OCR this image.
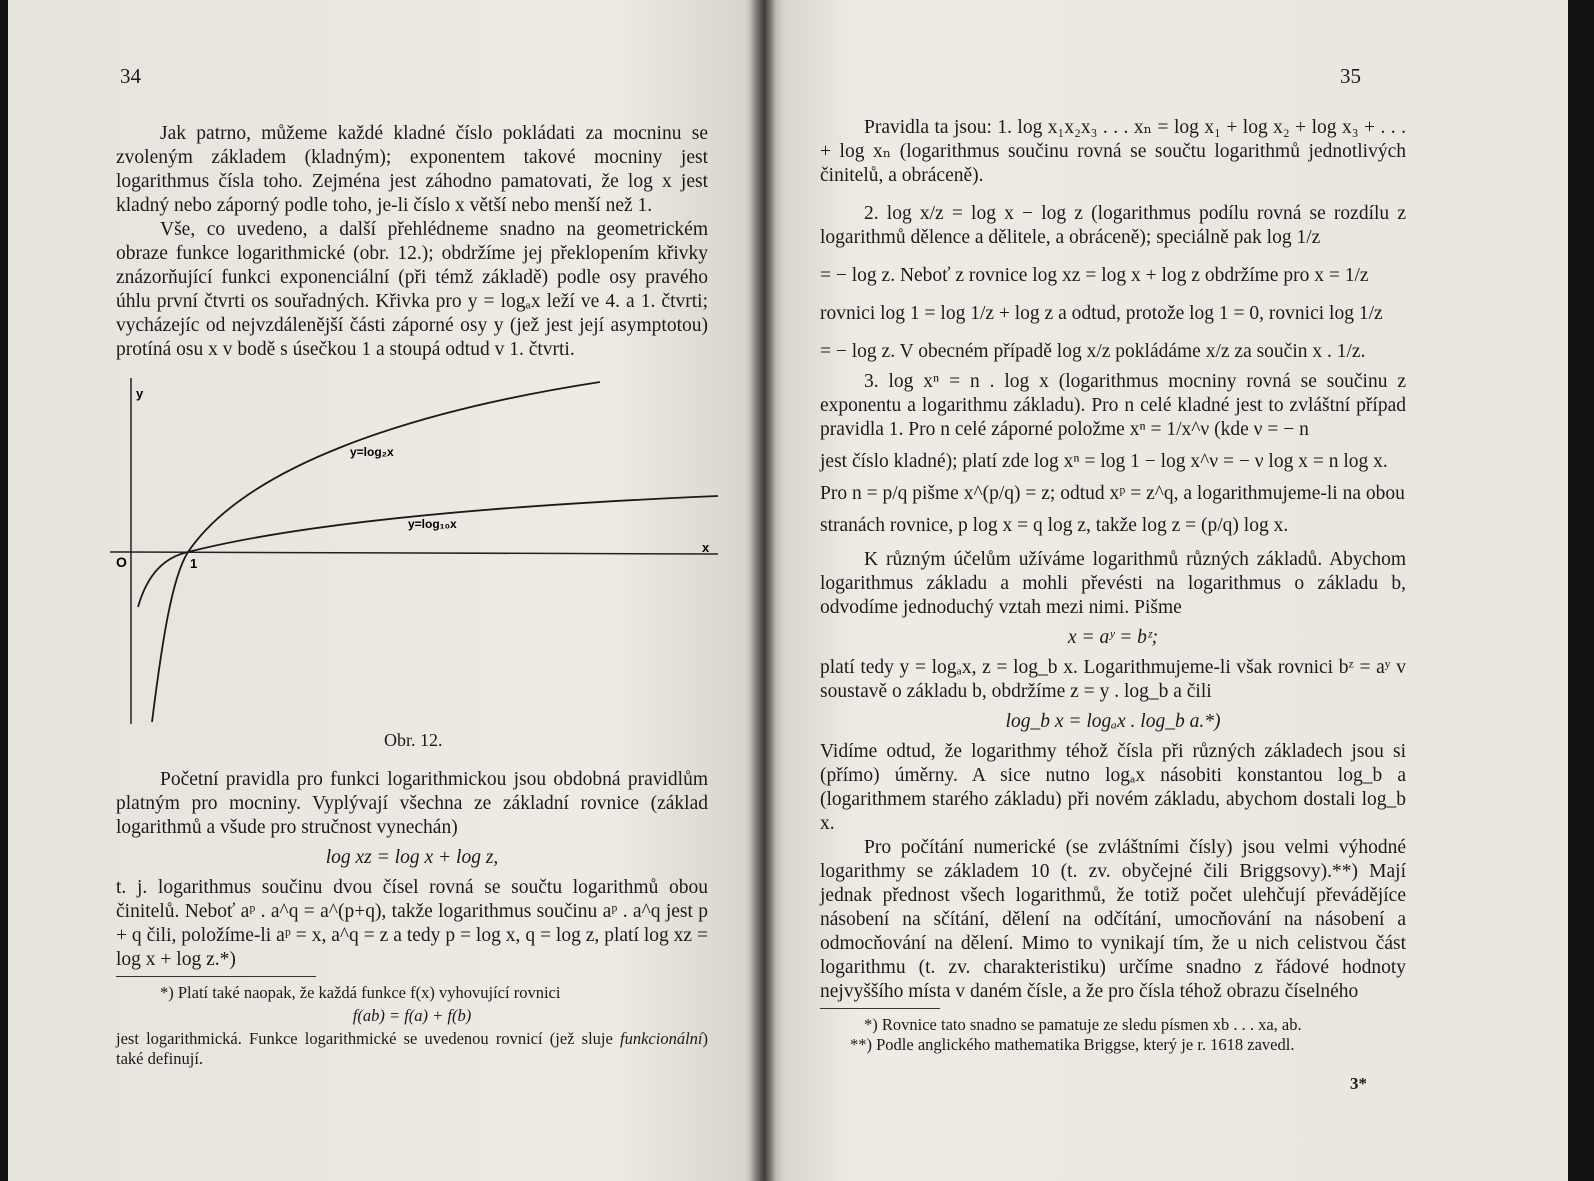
34

Jak patrno, můžeme každé kladné číslo pokládati za mocninu se zvoleným základem (kladným); exponentem takové mocniny jest logarithmus čísla toho. Zejména jest záhodno pamatovati, že log x jest kladný nebo záporný podle toho, je-li číslo x větší nebo menší než 1.

Vše, co uvedeno, a další přehlédneme snadno na geometrickém obraze funkce logarithmické (obr. 12.); obdržíme jej překlopením křivky znázorňující funkci exponenciální (při témž základě) podle osy pravého úhlu první čtvrti os souřadných. Křivka pro y = logₐx leží ve 4. a 1. čtvrti; vycházejíc od nejvzdálenější části záporné osy y (jež jest její asymptotou) protíná osu x v bodě s úsečkou 1 a stoupá odtud v 1. čtvrti.

y
x
O	1
y=log₂x
y=log₁₀x
Obr. 12.

Početní pravidla pro funkci logarithmickou jsou obdobná pravidlům platným pro mocniny. Vyplývají všechna ze základní rovnice (základ logarithmů a všude pro stručnost vynechán)

log xz = log x + log z,

t. j. logarithmus součinu dvou čísel rovná se součtu logarithmů obou činitelů. Neboť aᵖ . a^q = a^(p+q), takže logarithmus součinu aᵖ . a^q jest p + q čili, položíme-li aᵖ = x, a^q = z a tedy p = log x, q = log z, platí log xz = log x + log z.*)

*) Platí také naopak, že každá funkce f(x) vyhovující rovnici

f(ab) = f(a) + f(b)

jest logarithmická. Funkce logarithmické se uvedenou rovnicí (jež sluje funkcionální) také definují.

35

Pravidla ta jsou: 1. log x₁x₂x₃ . . . xₙ = log x₁ + log x₂ + log x₃ + . . . + log xₙ (logarithmus součinu rovná se součtu logarithmů jednotlivých činitelů, a obráceně).

2. log x/z = log x − log z (logarithmus podílu rovná se rozdílu z logarithmů dělence a dělitele, a obráceně); speciálně pak log 1/z

= − log z. Neboť z rovnice log xz = log x + log z obdržíme pro x = 1/z

rovnici log 1 = log 1/z + log z a odtud, protože log 1 = 0, rovnici log 1/z

= − log z. V obecném případě log x/z pokládáme x/z za součin x . 1/z.

3. log xⁿ = n . log x (logarithmus mocniny rovná se součinu z exponentu a logarithmu základu). Pro n celé kladné jest to zvláštní případ pravidla 1. Pro n celé záporné položme xⁿ = 1/x^ν (kde ν = − n

jest číslo kladné); platí zde log xⁿ = log 1 − log x^ν = − ν log x = n log x.

Pro n = p/q pišme x^(p/q) = z; odtud xᵖ = z^q, a logarithmujeme-li na obou

stranách rovnice, p log x = q log z, takže log z = (p/q) log x.

K různým účelům užíváme logarithmů různých základů. Abychom logarithmus základu a mohli převésti na logarithmus o základu b, odvodíme jednoduchý vztah mezi nimi. Pišme

x = aʸ = bᶻ;

platí tedy y = logₐx, z = log_b x. Logarithmujeme-li však rovnici bᶻ = aʸ v soustavě o základu b, obdržíme z = y . log_b a čili

log_b x = logₐx . log_b a.*)

Vidíme odtud, že logarithmy téhož čísla při různých základech jsou si (přímo) úměrny. A sice nutno logₐx násobiti konstantou log_b a (logarithmem starého základu) při novém základu, abychom dostali log_b x.

Pro počítání numerické (se zvláštními čísly) jsou velmi výhodné logarithmy se základem 10 (t. zv. obyčejné čili Briggsovy).**) Mají jednak přednost všech logarithmů, že totiž počet ulehčují převádějíce násobení na sčítání, dělení na odčítání, umocňování na násobení a odmocňování na dělení. Mimo to vynikají tím, že u nich celistvou část logarithmu (t. zv. charakteristiku) určíme snadno z řádové hodnoty nejvyššího místa v daném čísle, a že pro čísla téhož obrazu číselného

*) Rovnice tato snadno se pamatuje ze sledu písmen xb . . . xa, ab.

**) Podle anglického mathematika Briggse, který je r. 1618 zavedl.

3*
